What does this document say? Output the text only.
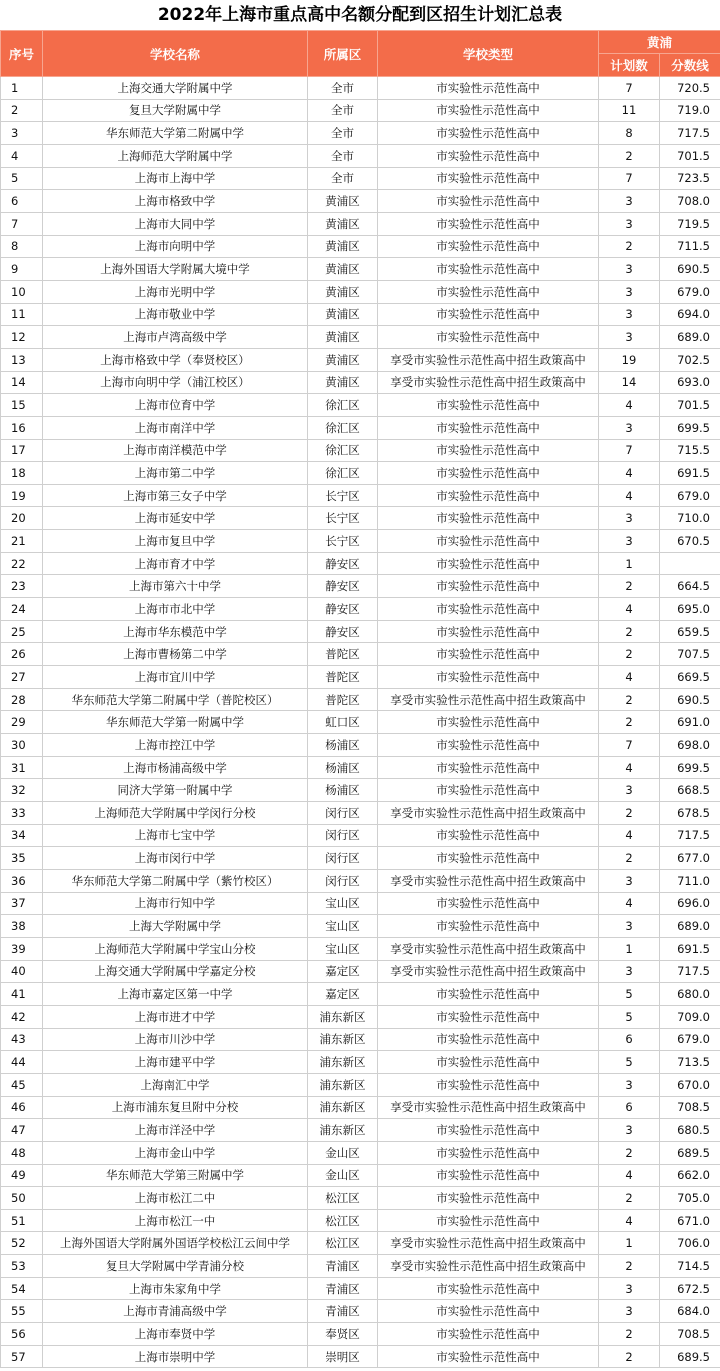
2022年上海市重点高中名额分配到区招生计划汇总表
序号	学校名称	所属区	学校类型	黄浦	
				计划数	分数线
1	上海交通大学附属中学	全市	市实验性示范性高中	7	720.5
2	复旦大学附属中学	全市	市实验性示范性高中	11	719.0
3	华东师范大学第二附属中学	全市	市实验性示范性高中	8	717.5
4	上海师范大学附属中学	全市	市实验性示范性高中	2	701.5
5	上海市上海中学	全市	市实验性示范性高中	7	723.5
6	上海市格致中学	黄浦区	市实验性示范性高中	3	708.0
7	上海市大同中学	黄浦区	市实验性示范性高中	3	719.5
8	上海市向明中学	黄浦区	市实验性示范性高中	2	711.5
9	上海外国语大学附属大境中学	黄浦区	市实验性示范性高中	3	690.5
10	上海市光明中学	黄浦区	市实验性示范性高中	3	679.0
11	上海市敬业中学	黄浦区	市实验性示范性高中	3	694.0
12	上海市卢湾高级中学	黄浦区	市实验性示范性高中	3	689.0
13	上海市格致中学（奉贤校区）	黄浦区	享受市实验性示范性高中招生政策高中	19	702.5
14	上海市向明中学（浦江校区）	黄浦区	享受市实验性示范性高中招生政策高中	14	693.0
15	上海市位育中学	徐汇区	市实验性示范性高中	4	701.5
16	上海市南洋中学	徐汇区	市实验性示范性高中	3	699.5
17	上海市南洋模范中学	徐汇区	市实验性示范性高中	7	715.5
18	上海市第二中学	徐汇区	市实验性示范性高中	4	691.5
19	上海市第三女子中学	长宁区	市实验性示范性高中	4	679.0
20	上海市延安中学	长宁区	市实验性示范性高中	3	710.0
21	上海市复旦中学	长宁区	市实验性示范性高中	3	670.5
22	上海市育才中学	静安区	市实验性示范性高中	1	
23	上海市第六十中学	静安区	市实验性示范性高中	2	664.5
24	上海市市北中学	静安区	市实验性示范性高中	4	695.0
25	上海市华东模范中学	静安区	市实验性示范性高中	2	659.5
26	上海市曹杨第二中学	普陀区	市实验性示范性高中	2	707.5
27	上海市宜川中学	普陀区	市实验性示范性高中	4	669.5
28	华东师范大学第二附属中学（普陀校区）	普陀区	享受市实验性示范性高中招生政策高中	2	690.5
29	华东师范大学第一附属中学	虹口区	市实验性示范性高中	2	691.0
30	上海市控江中学	杨浦区	市实验性示范性高中	7	698.0
31	上海市杨浦高级中学	杨浦区	市实验性示范性高中	4	699.5
32	同济大学第一附属中学	杨浦区	市实验性示范性高中	3	668.5
33	上海师范大学附属中学闵行分校	闵行区	享受市实验性示范性高中招生政策高中	2	678.5
34	上海市七宝中学	闵行区	市实验性示范性高中	4	717.5
35	上海市闵行中学	闵行区	市实验性示范性高中	2	677.0
36	华东师范大学第二附属中学（紫竹校区）	闵行区	享受市实验性示范性高中招生政策高中	3	711.0
37	上海市行知中学	宝山区	市实验性示范性高中	4	696.0
38	上海大学附属中学	宝山区	市实验性示范性高中	3	689.0
39	上海师范大学附属中学宝山分校	宝山区	享受市实验性示范性高中招生政策高中	1	691.5
40	上海交通大学附属中学嘉定分校	嘉定区	享受市实验性示范性高中招生政策高中	3	717.5
41	上海市嘉定区第一中学	嘉定区	市实验性示范性高中	5	680.0
42	上海市进才中学	浦东新区	市实验性示范性高中	5	709.0
43	上海市川沙中学	浦东新区	市实验性示范性高中	6	679.0
44	上海市建平中学	浦东新区	市实验性示范性高中	5	713.5
45	上海南汇中学	浦东新区	市实验性示范性高中	3	670.0
46	上海市浦东复旦附中分校	浦东新区	享受市实验性示范性高中招生政策高中	6	708.5
47	上海市洋泾中学	浦东新区	市实验性示范性高中	3	680.5
48	上海市金山中学	金山区	市实验性示范性高中	2	689.5
49	华东师范大学第三附属中学	金山区	市实验性示范性高中	4	662.0
50	上海市松江二中	松江区	市实验性示范性高中	2	705.0
51	上海市松江一中	松江区	市实验性示范性高中	4	671.0
52	上海外国语大学附属外国语学校松江云间中学	松江区	享受市实验性示范性高中招生政策高中	1	706.0
53	复旦大学附属中学青浦分校	青浦区	享受市实验性示范性高中招生政策高中	2	714.5
54	上海市朱家角中学	青浦区	市实验性示范性高中	3	672.5
55	上海市青浦高级中学	青浦区	市实验性示范性高中	3	684.0
56	上海市奉贤中学	奉贤区	市实验性示范性高中	2	708.5
57	上海市崇明中学	崇明区	市实验性示范性高中	2	689.5
